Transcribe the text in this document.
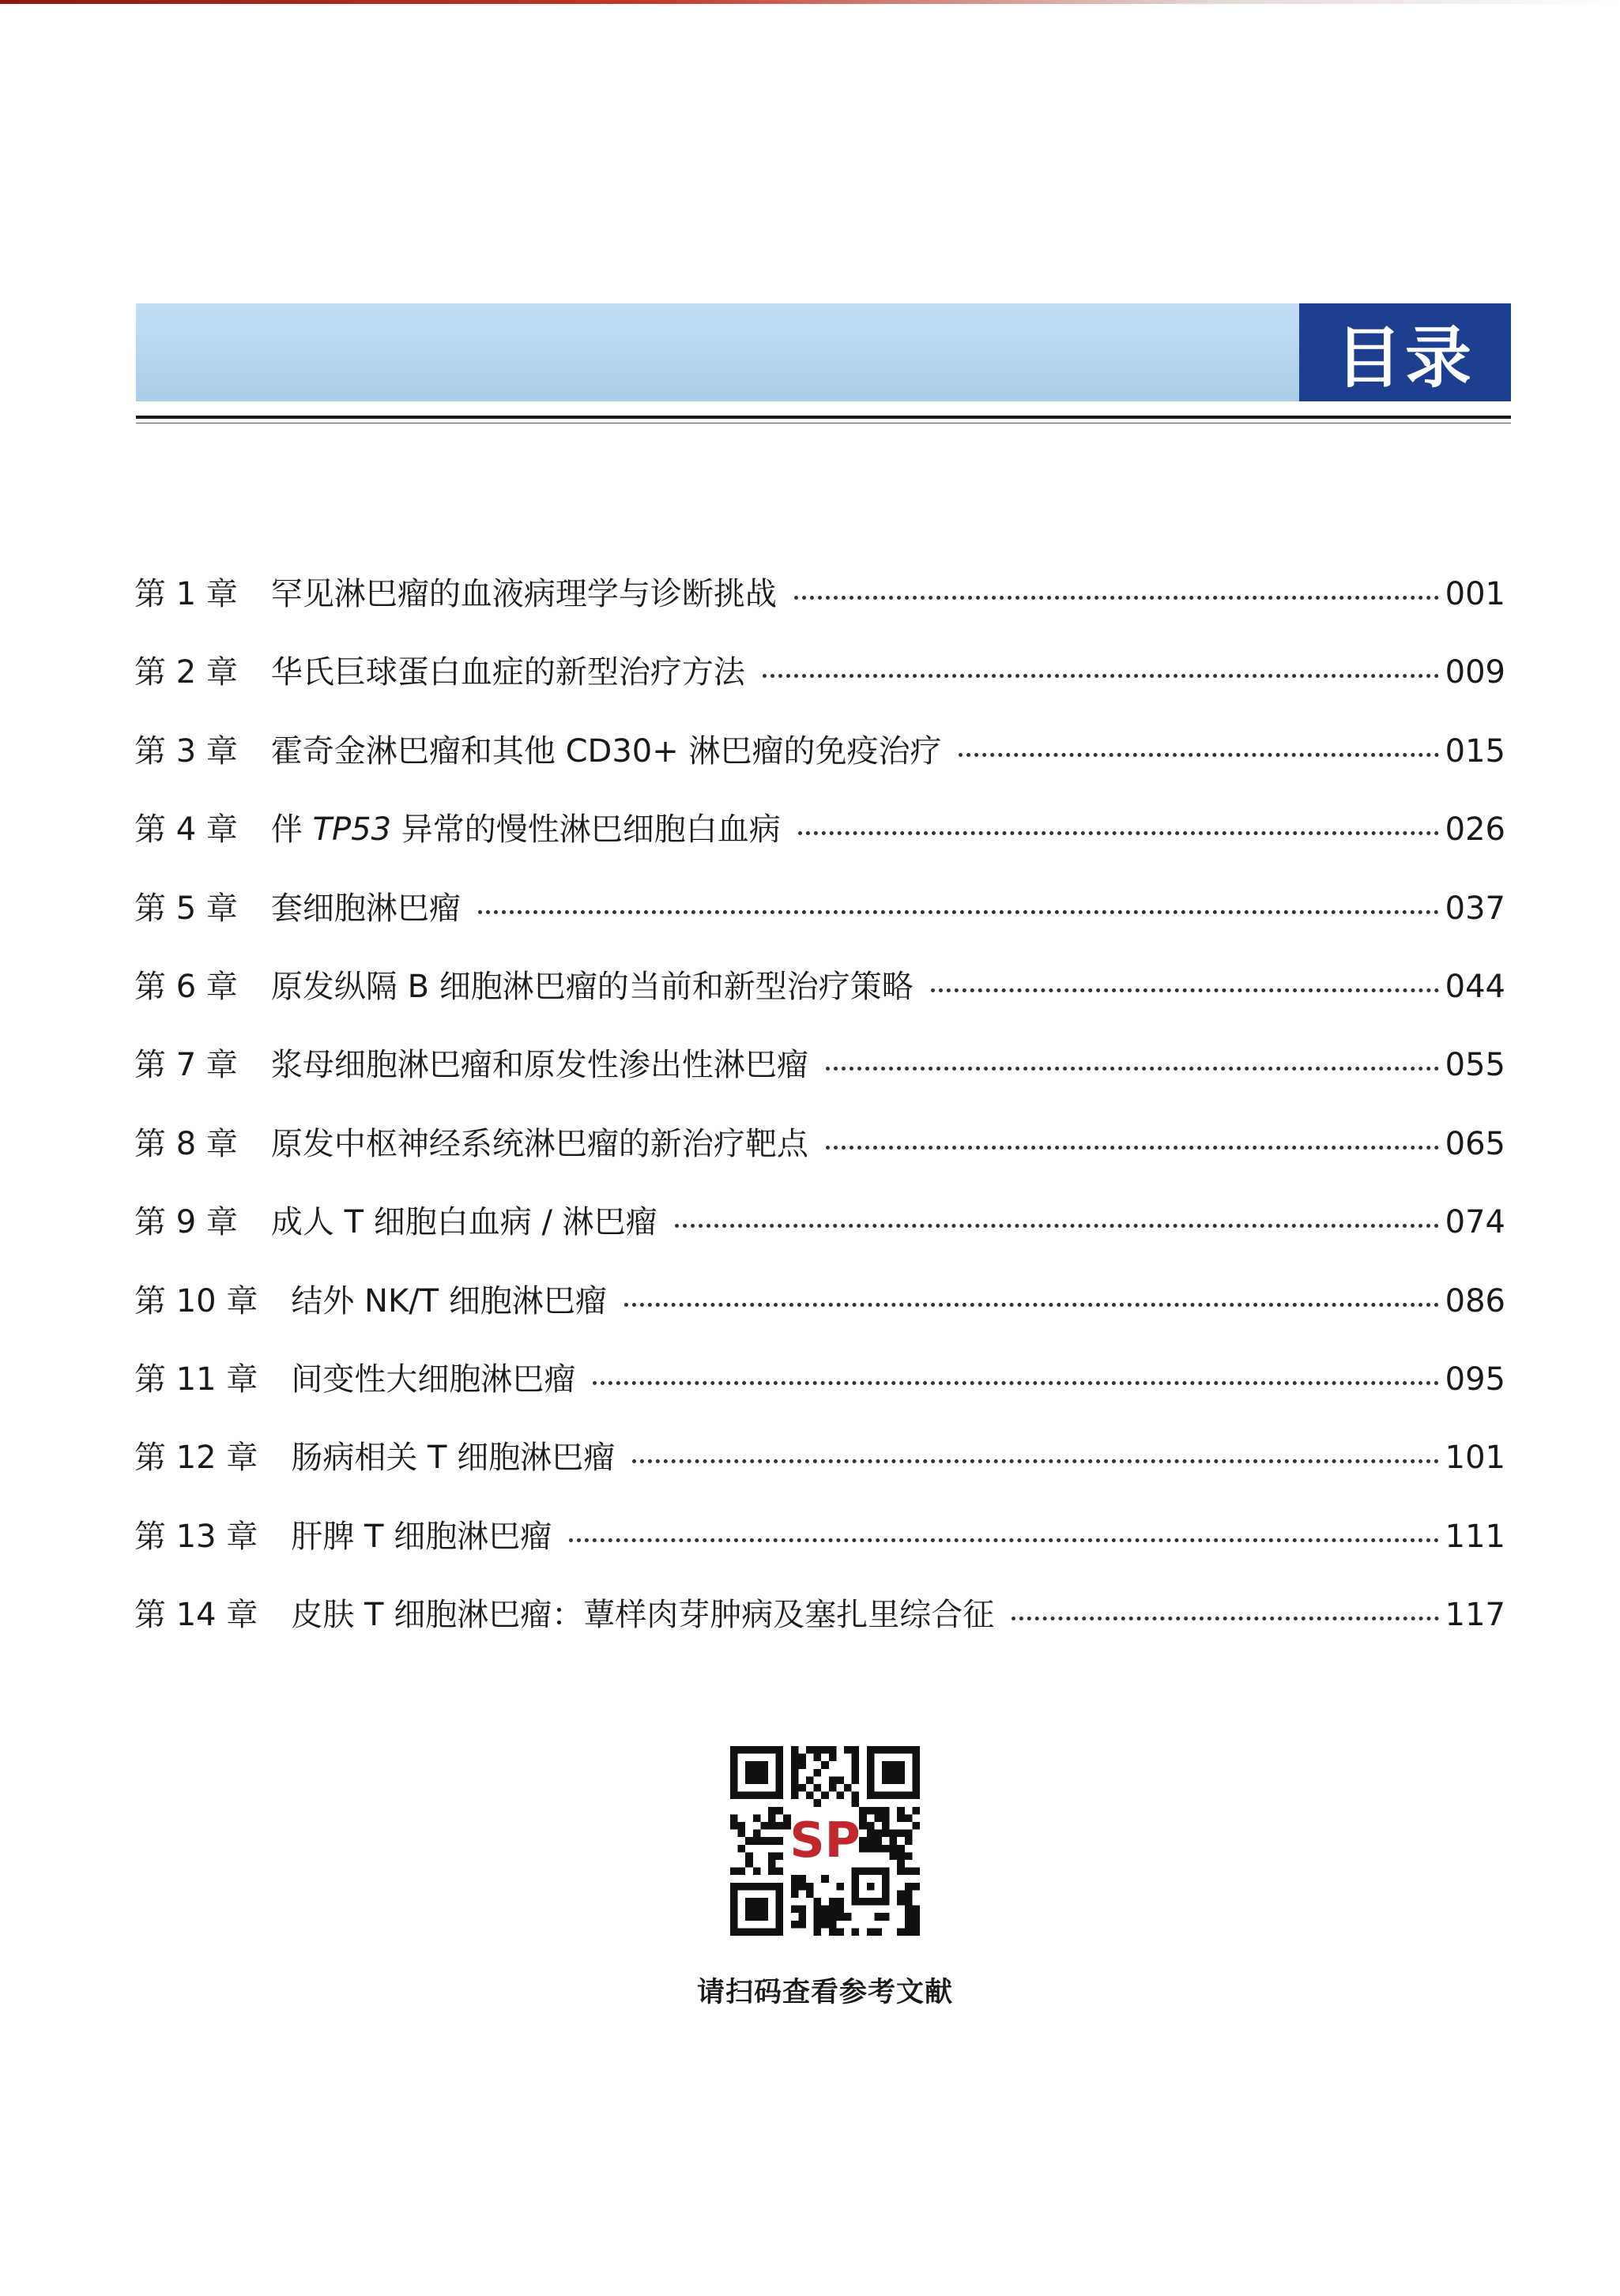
目录
第 1 章	罕见淋巴瘤的血液病理学与诊断挑战	001
第 2 章	华氏巨球蛋白血症的新型治疗方法	009
第 3 章	霍奇金淋巴瘤和其他 CD30+ 淋巴瘤的免疫治疗	015
第 4 章	伴 TP53 异常的慢性淋巴细胞白血病	026
第 5 章	套细胞淋巴瘤	037
第 6 章	原发纵隔 B 细胞淋巴瘤的当前和新型治疗策略	044
第 7 章	浆母细胞淋巴瘤和原发性渗出性淋巴瘤	055
第 8 章	原发中枢神经系统淋巴瘤的新治疗靶点	065
第 9 章	成人 T 细胞白血病 / 淋巴瘤	074
第 10 章	结外 NK/T 细胞淋巴瘤	086
第 11 章	间变性大细胞淋巴瘤	095
第 12 章	肠病相关 T 细胞淋巴瘤	101
第 13 章	肝脾 T 细胞淋巴瘤	111
第 14 章	皮肤 T 细胞淋巴瘤：蕈样肉芽肿病及塞扎里综合征	117
SP
请扫码查看参考文献
